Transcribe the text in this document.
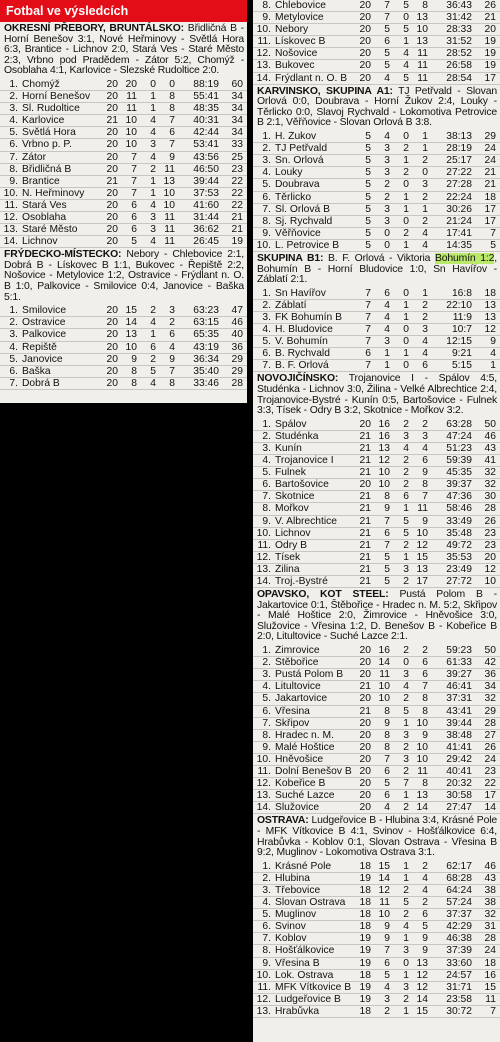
Fotbal ve výsledcích
OKRESNÍ PŘEBORY, BRUNTÁLSKO: Břidličná B - Horní Benešov 3:1, Nové Heřminovy - Světlá Hora 6:3, Brantice - Lichnov 2:0, Stará Ves - Staré Město 2:3, Vrbno pod Pradědem - Zátor 5:2, Chomýž - Osoblaha 4:1, Karlovice - Slezské Rudoltice 2:0.
1.	Chomýž	20	20	0	0	88:19	60
2.	Horní Benešov	20	11	1	8	55:41	34
3.	Sl. Rudoltice	20	11	1	8	48:35	34
4.	Karlovice	21	10	4	7	40:31	34
5.	Světlá Hora	20	10	4	6	42:44	34
6.	Vrbno p. P.	20	10	3	7	53:41	33
7.	Zátor	20	7	4	9	43:56	25
8.	Břidličná B	20	7	2	11	46:50	23
9.	Brantice	21	7	1	13	39:44	22
10.	N. Heřminovy	20	7	1	10	37:53	22
11.	Stará Ves	20	6	4	10	41:60	22
12.	Osoblaha	20	6	3	11	31:44	21
13.	Staré Město	20	6	3	11	36:62	21
14.	Lichnov	20	5	4	11	26:45	19
FRÝDECKO-MÍSTECKO: Nebory - Chlebovice 2:1, Dobrá B - Lískovec B 1:1, Bukovec - Řepiště 2:2, Nošovice - Metylovice 1:2, Ostravice - Frýdlant n. O. B 1:0, Palkovice - Smilovice 0:4, Janovice - Baška 5:1.
1.	Smilovice	20	15	2	3	63:23	47
2.	Ostravice	20	14	4	2	63:15	46
3.	Palkovice	20	13	1	6	65:35	40
4.	Řepiště	20	10	6	4	43:19	36
5.	Janovice	20	9	2	9	36:34	29
6.	Baška	20	8	5	7	35:40	29
7.	Dobrá B	20	8	4	8	33:46	28
8.	Chlebovice	20	7	5	8	36:43	26
9.	Metylovice	20	7	0	13	31:42	21
10.	Nebory	20	5	5	10	28:33	20
11.	Lískovec B	20	6	1	13	31:52	19
12.	Nošovice	20	5	4	11	28:52	19
13.	Bukovec	20	5	4	11	26:58	19
14.	Frýdlant n. O. B	20	4	5	11	28:54	17
KARVINSKO, SKUPINA A1: TJ Petřvald - Slovan Orlová 0:0, Doubrava - Horní Žukov 2:4, Louky - Těrlicko 0:0, Slavoj Rychvald - Lokomotiva Petrovice B 2:1, Věřňovice - Slovan Orlová B 3:8.
1.	H. Žukov	5	4	0	1	38:13	29
2.	TJ Petřvald	5	3	2	1	28:19	24
3.	Sn. Orlová	5	3	1	2	25:17	24
4.	Louky	5	3	2	0	27:22	21
5.	Doubrava	5	2	0	3	27:28	21
6.	Těrlicko	5	2	1	2	22:24	18
7.	Sl. Orlová B	5	3	1	1	30:26	17
8.	Sj. Rychvald	5	3	0	2	21:24	17
9.	Věřňovice	5	0	2	4	17:41	7
10.	L. Petrovice B	5	0	1	4	14:35	5
SKUPINA B1: B. F. Orlová - Viktoria Bohumín 1:2, Bohumín B - Horní Bludovice 1:0, Sn Havířov - Záblatí 2:1.
1.	Sn Havířov	7	6	0	1	16:8	18
2.	Záblatí	7	4	1	2	22:10	13
3.	FK Bohumín B	7	4	1	2	11:9	13
4.	H. Bludovice	7	4	0	3	10:7	12
5.	V. Bohumín	7	3	0	4	12:15	9
6.	B. Rychvald	6	1	1	4	9:21	4
7.	B. F. Orlová	7	1	0	6	5:15	1
NOVOJIČÍNSKO: Trojanovice I - Spálov 4:5, Studénka - Lichnov 3:0, Žilina - Velké Albrechtice 2:4, Trojanovice-Bystré - Kunín 0:5, Bartošovice - Fulnek 3:3, Tísek - Odry B 3:2, Skotnice - Mořkov 3:2.
1.	Spálov	20	16	2	2	63:28	50
2.	Studénka	21	16	3	3	47:24	46
3.	Kunín	21	13	4	4	51:23	43
4.	Trojanovice I	21	12	2	6	59:39	41
5.	Fulnek	21	10	2	9	45:35	32
6.	Bartošovice	20	10	2	8	39:37	32
7.	Skotnice	21	8	6	7	47:36	30
8.	Mořkov	21	9	1	11	58:46	28
9.	V. Albrechtice	21	7	5	9	33:49	26
10.	Lichnov	21	6	5	10	35:48	23
11.	Odry B	21	7	2	12	49:72	23
12.	Tísek	21	5	1	15	35:53	20
13.	Žilina	21	5	3	13	23:49	12
14.	Troj.-Bystré	21	5	2	17	27:72	10
OPAVSKO, KOT STEEL: Pustá Polom B - Jakartovice 0:1, Štěbořice - Hradec n. M. 5:2, Skřipov - Malé Hoštice 2:0, Žimrovice - Hněvošice 3:0, Služovice - Vřesina 1:2, D. Benešov B - Kobeřice B 2:0, Litultovice - Suché Lazce 2:1.
1.	Žimrovice	20	16	2	2	59:23	50
2.	Štěbořice	20	14	0	6	61:33	42
3.	Pustá Polom B	20	11	3	6	39:27	36
4.	Litultovice	21	10	4	7	46:41	34
5.	Jakartovice	20	10	2	8	37:31	32
6.	Vřesina	21	8	5	8	43:41	29
7.	Skřipov	20	9	1	10	39:44	28
8.	Hradec n. M.	20	8	3	9	38:48	27
9.	Malé Hoštice	20	8	2	10	41:41	26
10.	Hněvošice	20	7	3	10	29:42	24
11.	Dolní Benešov B	20	6	2	11	40:41	23
12.	Kobeřice B	20	5	7	8	20:32	22
13.	Suché Lazce	20	6	1	13	30:58	17
14.	Služovice	20	4	2	14	27:47	14
OSTRAVA: Ludgeřovice B - Hlubina 3:4, Krásné Pole - MFK Vítkovice B 4:1, Svinov - Hošťálkovice 6:4, Hrabůvka - Koblov 0:1, Slovan Ostrava - Vřesina B 9:2, Muglinov - Lokomotiva Ostrava 3:1.
1.	Krásné Pole	18	15	1	2	62:17	46
2.	Hlubina	19	14	1	4	68:28	43
3.	Třebovice	18	12	2	4	64:24	38
4.	Slovan Ostrava	18	11	5	2	57:24	38
5.	Muglinov	18	10	2	6	37:37	32
6.	Svinov	18	9	4	5	42:29	31
7.	Koblov	19	9	1	9	46:38	28
8.	Hošťálkovice	19	7	3	9	37:39	24
9.	Vřesina B	19	6	0	13	33:60	18
10.	Lok. Ostrava	18	5	1	12	24:57	16
11.	MFK Vítkovice B	19	4	3	12	31:71	15
12.	Ludgeřovice B	19	3	2	14	23:58	11
13.	Hrabůvka	18	2	1	15	30:72	7
